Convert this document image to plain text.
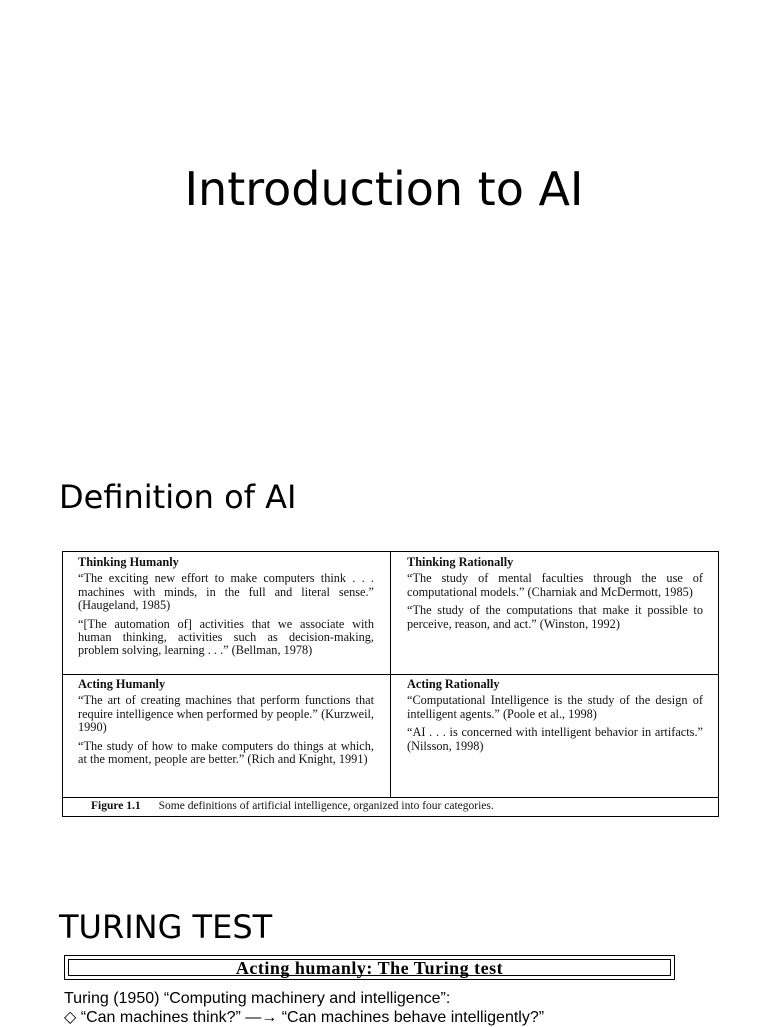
Introduction to AI
Definition of AI
Thinking Humanly
“The exciting new effort to make computers think . . . machines with minds, in the full and literal sense.” (Haugeland, 1985)
“[The automation of] activities that we associate with human thinking, activities such as decision-making, problem solving, learning . . .” (Bellman, 1978)
Thinking Rationally
“The study of mental faculties through the use of computational models.” (Charniak and McDermott, 1985)
“The study of the computations that make it possible to perceive, reason, and act.” (Winston, 1992)
Acting Humanly
“The art of creating machines that perform functions that require intelligence when performed by people.” (Kurzweil, 1990)
“The study of how to make computers do things at which, at the moment, people are better.” (Rich and Knight, 1991)
Acting Rationally
“Computational Intelligence is the study of the design of intelligent agents.” (Poole et al., 1998)
“AI . . . is concerned with intelligent behavior in artifacts.” (Nilsson, 1998)
Figure 1.1 Some definitions of artificial intelligence, organized into four categories.
TURING TEST
Acting humanly: The Turing test
Turing (1950) “Computing machinery and intelligence”:
◇ “Can machines think?” —→ “Can machines behave intelligently?”
